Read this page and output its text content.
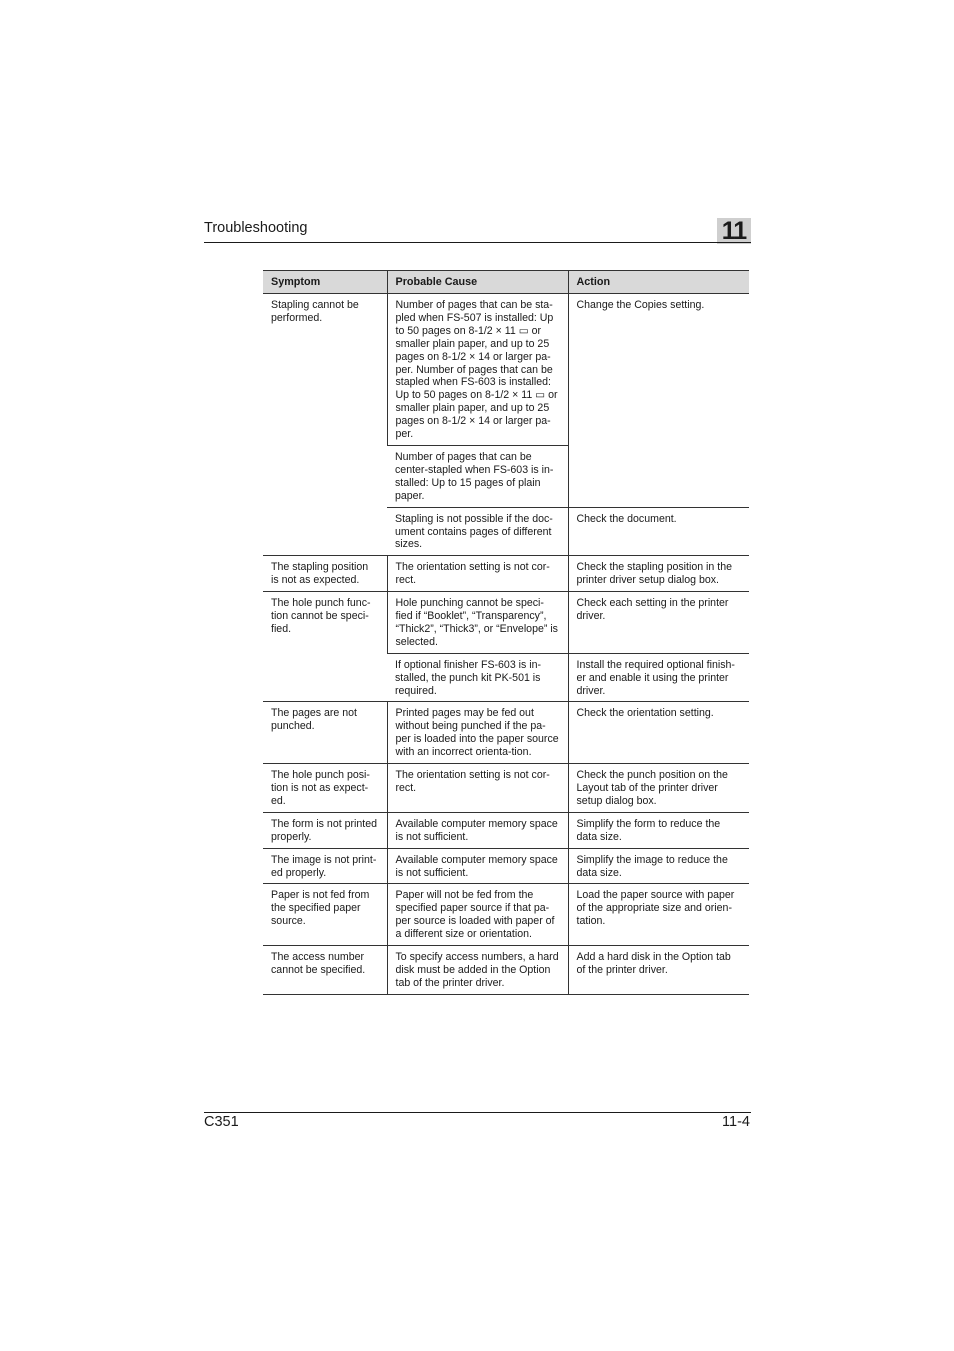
Troubleshooting	11
Symptom	Probable Cause	Action
Stapling cannot be performed.	Number of pages that can be sta-pled when FS-507 is installed: Up to 50 pages on 8-1/2 × 11 ▭ or smaller plain paper, and up to 25 pages on 8-1/2 × 14 or larger pa-per. Number of pages that can be stapled when FS-603 is installed: Up to 50 pages on 8-1/2 × 11 ▭ or smaller plain paper, and up to 25 pages on 8-1/2 × 14 or larger pa-per.	Change the Copies setting.
	Number of pages that can be center-stapled when FS-603 is in-stalled: Up to 15 pages of plain paper.	
	Stapling is not possible if the doc-ument contains pages of different sizes.	Check the document.
The stapling position is not as expected.	The orientation setting is not cor-rect.	Check the stapling position in the printer driver setup dialog box.
The hole punch func-tion cannot be speci-fied.	Hole punching cannot be speci-fied if “Booklet”, “Transparency”, “Thick2”, “Thick3”, or “Envelope” is selected.	Check each setting in the printer driver.
	If optional finisher FS-603 is in-stalled, the punch kit PK-501 is required.	Install the required optional finish-er and enable it using the printer driver.
The pages are not punched.	Printed pages may be fed out without being punched if the pa-per is loaded into the paper source with an incorrect orienta-tion.	Check the orientation setting.
The hole punch posi-tion is not as expect-ed.	The orientation setting is not cor-rect.	Check the punch position on the Layout tab of the printer driver setup dialog box.
The form is not printed properly.	Available computer memory space is not sufficient.	Simplify the form to reduce the data size.
The image is not print-ed properly.	Available computer memory space is not sufficient.	Simplify the image to reduce the data size.
Paper is not fed from the specified paper source.	Paper will not be fed from the specified paper source if that pa-per source is loaded with paper of a different size or orientation.	Load the paper source with paper of the appropriate size and orien-tation.
The access number cannot be specified.	To specify access numbers, a hard disk must be added in the Option tab of the printer driver.	Add a hard disk in the Option tab of the printer driver.
C351	11-4
